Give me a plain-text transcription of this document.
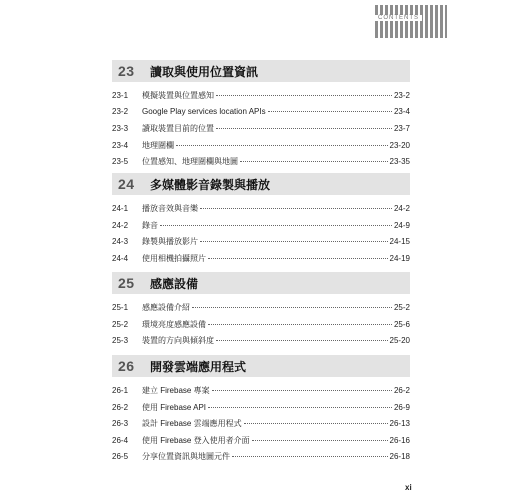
CONTENTS
23	讀取與使用位置資訊
23-1	模擬裝置與位置感知	23-2
23-2	Google Play services location APIs	23-4
23-3	讀取裝置目前的位置	23-7
23-4	地理圍欄	23-20
23-5	位置感知、地理圍欄與地圖	23-35
24	多媒體影音錄製與播放
24-1	播放音效與音樂	24-2
24-2	錄音	24-9
24-3	錄製與播放影片	24-15
24-4	使用相機拍攝照片	24-19
25	感應設備
25-1	感應設備介紹	25-2
25-2	環境亮度感應設備	25-6
25-3	裝置的方向與傾斜度	25-20
26	開發雲端應用程式
26-1	建立 Firebase 專案	26-2
26-2	使用 Firebase API	26-9
26-3	設計 Firebase 雲端應用程式	26-13
26-4	使用 Firebase 登入使用者介面	26-16
26-5	分享位置資訊與地圖元件	26-18
xi
